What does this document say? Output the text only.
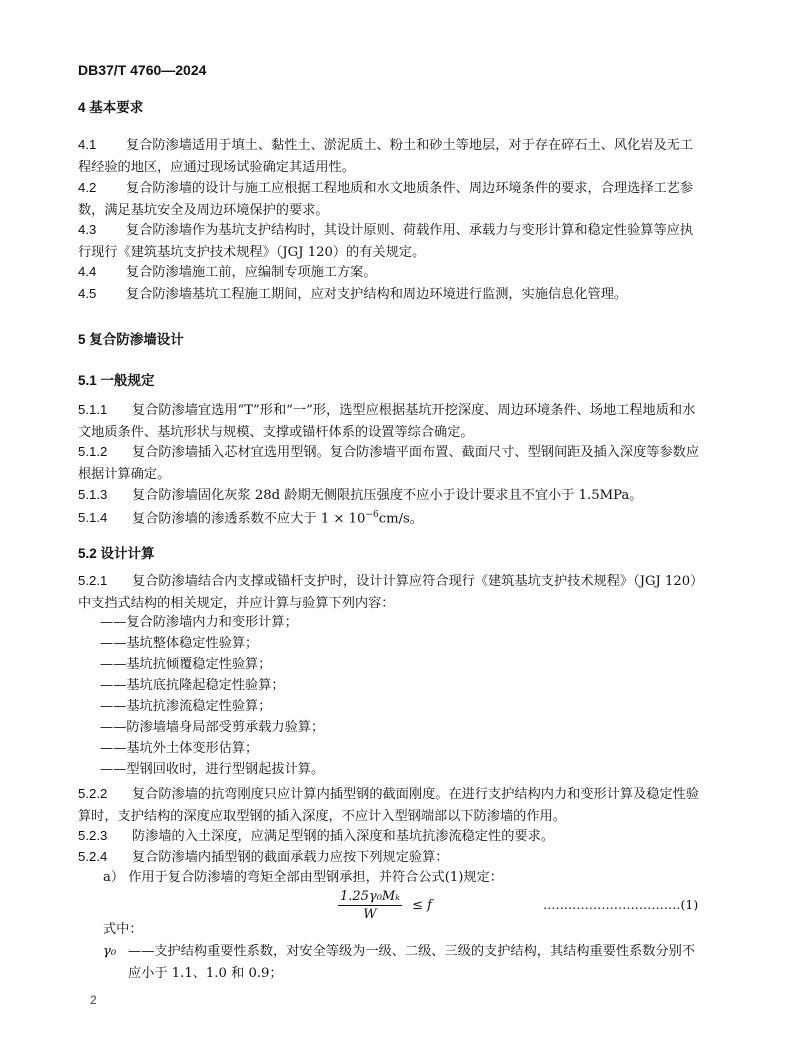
DB37/T 4760—2024
4 基本要求
4.1 复合防渗墙适用于填土、黏性土、淤泥质土、粉土和砂土等地层，对于存在碎石土、风化岩及无工程经验的地区，应通过现场试验确定其适用性。
4.2 复合防渗墙的设计与施工应根据工程地质和水文地质条件、周边环境条件的要求，合理选择工艺参数，满足基坑安全及周边环境保护的要求。
4.3 复合防渗墙作为基坑支护结构时，其设计原则、荷载作用、承载力与变形计算和稳定性验算等应执行现行《建筑基坑支护技术规程》（JGJ 120）的有关规定。
4.4 复合防渗墙施工前，应编制专项施工方案。
4.5 复合防渗墙基坑工程施工期间，应对支护结构和周边环境进行监测，实施信息化管理。
5 复合防渗墙设计
5.1 一般规定
5.1.1 复合防渗墙宜选用“T”形和“一”形，选型应根据基坑开挖深度、周边环境条件、场地工程地质和水文地质条件、基坑形状与规模、支撑或锚杆体系的设置等综合确定。
5.1.2 复合防渗墙插入芯材宜选用型钢。复合防渗墙平面布置、截面尺寸、型钢间距及插入深度等参数应根据计算确定。
5.1.3 复合防渗墙固化灰浆 28d 龄期无侧限抗压强度不应小于设计要求且不宜小于 1.5MPa。
5.1.4 复合防渗墙的渗透系数不应大于 $1 \times 10^{-6}cm/s$。
5.2 设计计算
5.2.1 复合防渗墙结合内支撑或锚杆支护时，设计计算应符合现行《建筑基坑支护技术规程》（JGJ 120）中支挡式结构的相关规定，并应计算与验算下列内容：
——复合防渗墙内力和变形计算；
——基坑整体稳定性验算；
——基坑抗倾覆稳定性验算；
——基坑底抗隆起稳定性验算；
——基坑抗渗流稳定性验算；
——防渗墙墙身局部受剪承载力验算；
——基坑外土体变形估算；
——型钢回收时，进行型钢起拔计算。
5.2.2 复合防渗墙的抗弯刚度只应计算内插型钢的截面刚度。在进行支护结构内力和变形计算及稳定性验算时，支护结构的深度应取型钢的插入深度，不应计入型钢端部以下防渗墙的作用。
5.2.3 防渗墙的入土深度，应满足型钢的插入深度和基坑抗渗流稳定性的要求。
5.2.4 复合防渗墙内插型钢的截面承载力应按下列规定验算：
a） 作用于复合防渗墙的弯矩全部由型钢承担，并符合公式(1)规定：
$\frac{\text{1.25γ₀Mₖ}}{W} \le f$	……………………………(1)
式中：
γ₀ ——支护结构重要性系数，对安全等级为一级、二级、三级的支护结构，其结构重要性系数分别不应小于 1.1、1.0 和 0.9；
2
